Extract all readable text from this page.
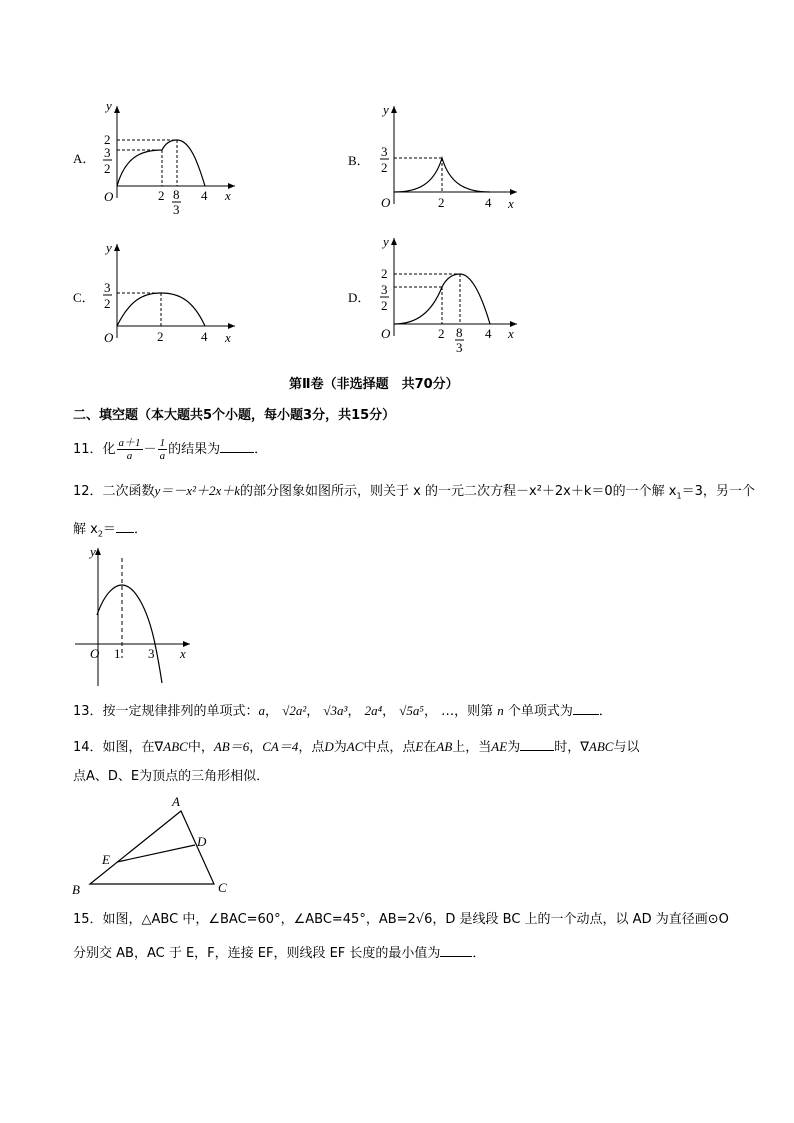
A．
y
x
O
2
3
2
2 8
3
4
B．
y
x
O
3
2
2	4
C．
y
x
O
3
2
2	4
D．
y
x
O
2
3
2
2 8
3
4
第Ⅱ卷（非选择题　共70分）
二、填空题（本大题共5个小题，每小题3分，共15分）
11．化 $\frac{a+1}{a} - \frac{1}{a}$ 的结果为	．
12．二次函数y＝－x²＋2x＋k的部分图象如图所示，则关于 x 的一元二次方程－x²＋2x＋k＝0的一个解 $x_1=3$，另一个
解 $x_2=$ ．
y
x
O 1 3
13．按一定规律排列的单项式：a， √2a²， √3a³， 2a⁴， √5a⁵， …，则第 n 个单项式为 ．
14．如图，在∇ABC中，AB＝6，CA＝4，点D为AC中点，点E在AB上，当AE为	时，∇ABC与以
点A、D、E为顶点的三角形相似．
A
B	C
D
E
15．如图，△ABC 中，∠BAC=60°，∠ABC=45°，AB=2√6，D 是线段 BC 上的一个动点，以 AD 为直径画⊙O
分别交 AB，AC 于 E，F，连接 EF，则线段 EF 长度的最小值为 ．
